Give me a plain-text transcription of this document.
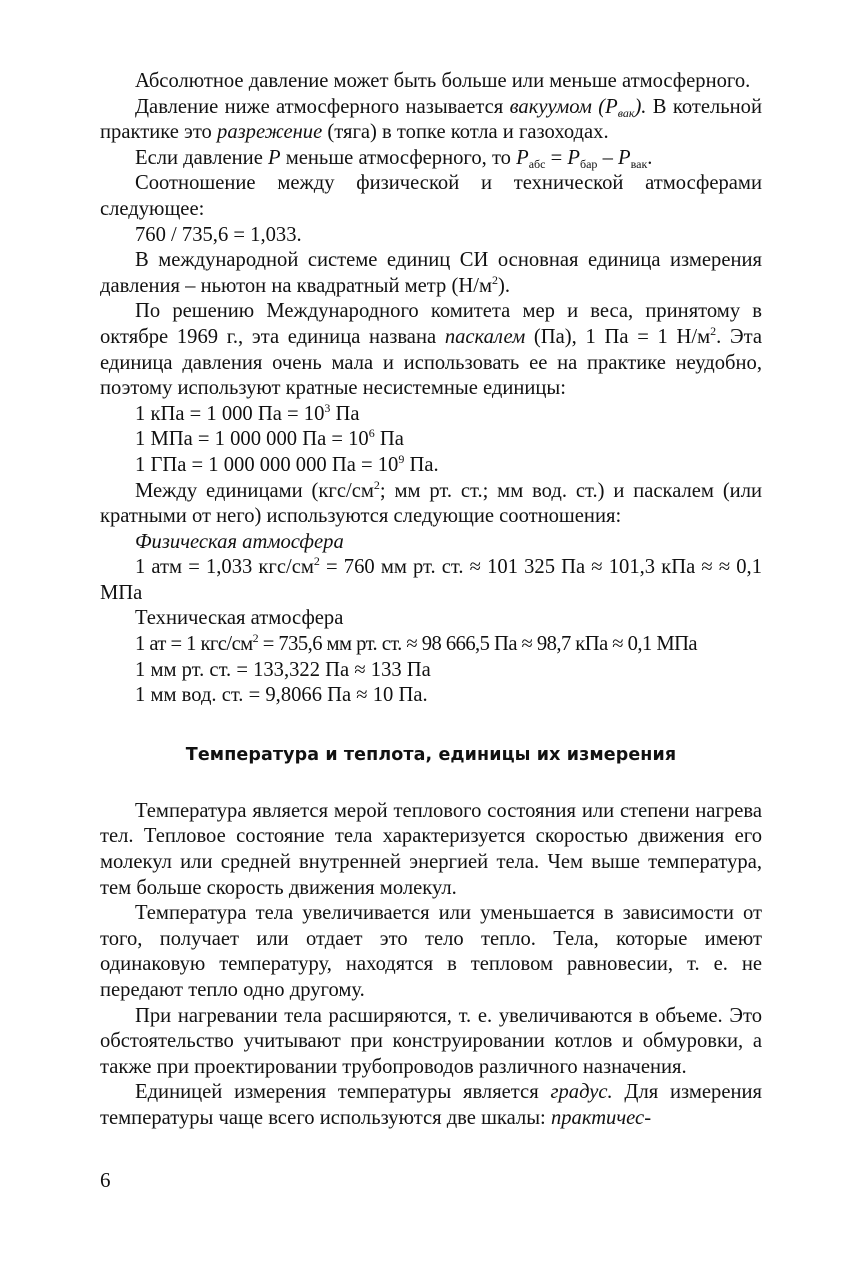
Абсолютное давление может быть больше или меньше атмосферного.

Давление ниже атмосферного называется вакуумом $(P_{вак})$. В котельной практике это разрежение (тяга) в топке котла и газоходах.

Если давление P меньше атмосферного, то $P_{абс} = P_{бар} - P_{вак}$.

Соотношение между физической и технической атмосферами следующее:

760 / 735,6 = 1,033.

В международной системе единиц СИ основная единица измерения давления – ньютон на квадратный метр $(Н/м^2)$.

По решению Международного комитета мер и веса, принятому в октябре 1969 г., эта единица названа паскалем (Па), 1 Па = 1 $Н/м^2$. Эта единица давления очень мала и использовать ее на практике неудобно, поэтому используют кратные несистемные единицы:

1 кПа = 1 000 Па = $10^3$ Па

1 МПа = 1 000 000 Па = $10^6$ Па

1 ГПа = 1 000 000 000 Па = $10^9$ Па.

Между единицами ($кгс/см^2$; мм рт. ст.; мм вод. ст.) и паскалем (или кратными от него) используются следующие соотношения:

Физическая атмосфера

1 атм = 1,033 кгс/$см^2 = 760$ мм рт. ст. ≈ 101 325 Па ≈ 101,3 кПа ≈ ≈ 0,1 МПа

Техническая атмосфера

1 ат = 1 кгс/$см^2 = 735,6$ мм рт. ст. ≈ 98 666,5 Па ≈ 98,7 кПа ≈ 0,1 МПа

1 мм рт. ст. = 133,322 Па ≈ 133 Па

1 мм вод. ст. = 9,8066 Па ≈ 10 Па.

Температура и теплота, единицы их измерения

Температура является мерой теплового состояния или степени нагрева тел. Тепловое состояние тела характеризуется скоростью движения его молекул или средней внутренней энергией тела. Чем выше температура, тем больше скорость движения молекул.

Температура тела увеличивается или уменьшается в зависимости от того, получает или отдает это тело тепло. Тела, которые имеют одинаковую температуру, находятся в тепловом равновесии, т. е. не передают тепло одно другому.

При нагревании тела расширяются, т. е. увеличиваются в объеме. Это обстоятельство учитывают при конструировании котлов и обмуровки, а также при проектировании трубопроводов различного назначения.

Единицей измерения температуры является градус. Для измерения температуры чаще всего используются две шкалы: практичес-

6
